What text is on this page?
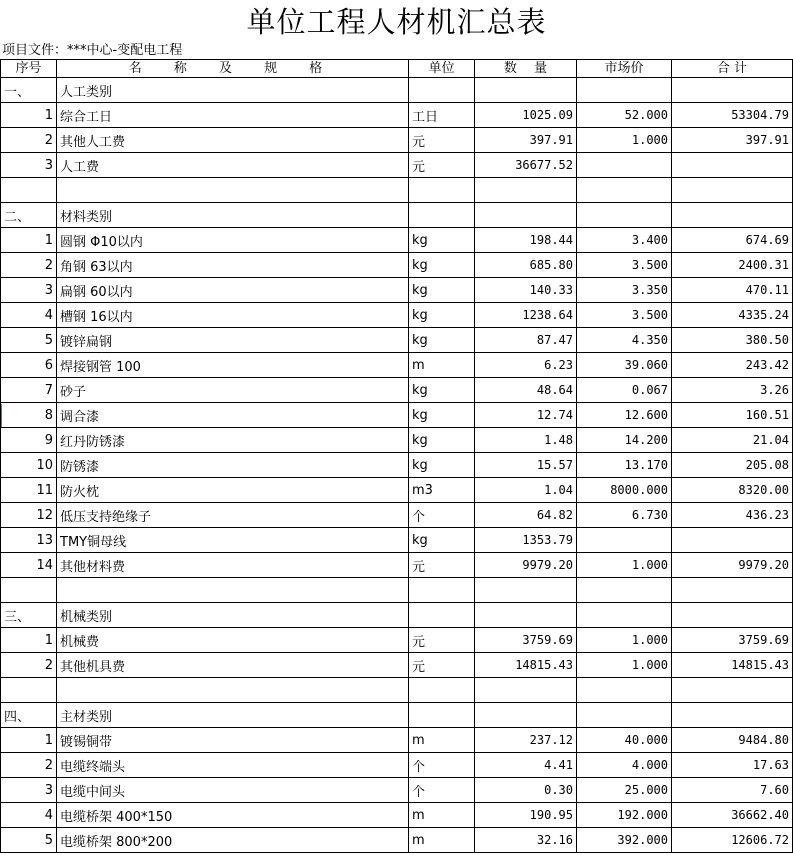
单位工程人材机汇总表
项目文件：***中心-变配电工程
序号	名 称 及 规 格	单位	数　 量	市场价	合 计
一、	人工类别				
1	综合工日	工日	1025.09	52.000	53304.79
2	其他人工费	元	397.91	1.000	397.91
3	人工费	元	36677.52		

二、	材料类别				
1	圆钢 Φ10以内	kg	198.44	3.400	674.69
2	角钢 63以内	kg	685.80	3.500	2400.31
3	扁钢 60以内	kg	140.33	3.350	470.11
4	槽钢 16以内	kg	1238.64	3.500	4335.24
5	镀锌扁钢	kg	87.47	4.350	380.50
6	焊接钢管 100	m	6.23	39.060	243.42
7	砂子	kg	48.64	0.067	3.26
8	调合漆	kg	12.74	12.600	160.51
9	红丹防锈漆	kg	1.48	14.200	21.04
10	防锈漆	kg	15.57	13.170	205.08
11	防火枕	m3	1.04	8000.000	8320.00
12	低压支持绝缘子	个	64.82	6.730	436.23
13	TMY铜母线	kg	1353.79		
14	其他材料费	元	9979.20	1.000	9979.20

三、	机械类别				
1	机械费	元	3759.69	1.000	3759.69
2	其他机具费	元	14815.43	1.000	14815.43

四、	主材类别				
1	镀锡铜带	m	237.12	40.000	9484.80
2	电缆终端头	个	4.41	4.000	17.63
3	电缆中间头	个	0.30	25.000	7.60
4	电缆桥架 400*150	m	190.95	192.000	36662.40
5	电缆桥架 800*200	m	32.16	392.000	12606.72
